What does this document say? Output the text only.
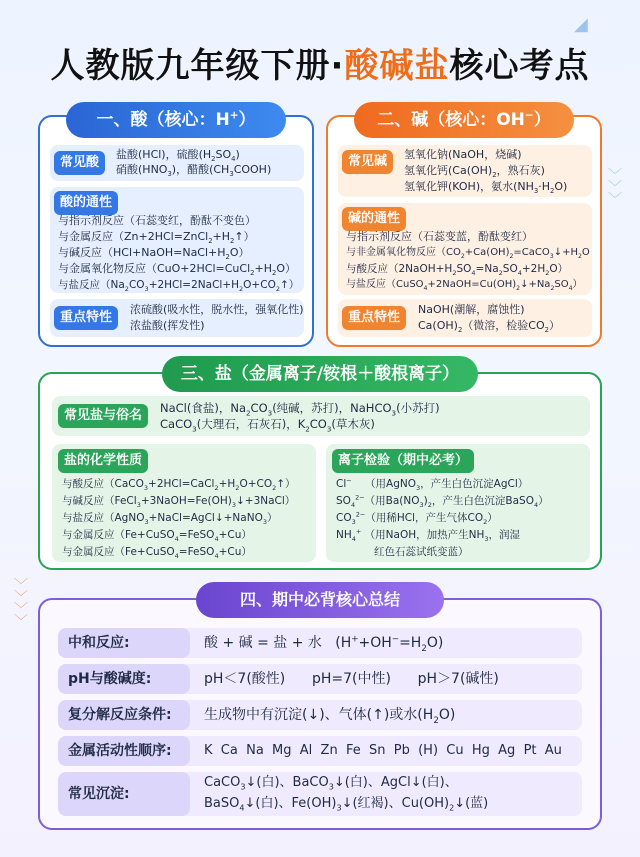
﹀
﹀
﹀
﹀
◢
﹀
﹀
﹀
人教版九年级下册·酸碱盐核心考点
常见酸
盐酸(HCl)，硫酸$(H_2SO_4)$
硝酸$(HNO_3)$，醋酸$(CH_3COOH)$
酸的通性
与指示剂反应（石蕊变红，酚酞不变色）
与金属反应$(Zn+2HCl=ZnCl_2+H_2↑)$
与碱反应$(HCl+NaOH=NaCl+H_2O)$
与金属氧化物反应$(CuO+2HCl=CuCl_2+H_2O)$
与盐反应$(Na_2CO_3+2HCl=2NaCl+H_2O+CO_2↑)$
重点特性
浓硫酸(吸水性，脱水性，强氧化性)
浓盐酸(挥发性)
一、酸（核心：H+）
常见碱	氢氧化钠(NaOH，烧碱)
氢氧化钙($Ca(OH)_2$，熟石灰)
氢氧化钾(KOH)，氨水$(NH_3\cdot H_2O)$
碱的通性
与指示剂反应（石蕊变蓝，酚酞变红）
与非金属氧化物反应（$CO_2+Ca(OH)_2=CaCO_3↓+H_2O$
与酸反应$(2NaOH+H_2SO_4=Na_2SO_4+2H_2O)$
与盐反应$(CuSO_4+2NaOH=Cu(OH)_2↓+Na_2SO_4)$
重点特性
NaOH(潮解，腐蚀性)
$Ca(OH)_2$（微溶，检验$CO_2$）
二、碱（核心：OH−）
常见盐与俗名	NaCl(食盐)，$Na_2CO_3$(纯碱，苏打)，NaHCO$_3$(小苏打)
CaCO$_3$(大理石，石灰石)，$K_2CO_3$(草木灰)
盐的化学性质
与酸反应$(CaCO_3+2HCl=CaCl_2+H_2O+CO_2↑)$
与碱反应$(FeCl_3+3NaOH=Fe(OH)_3↓+3NaCl)$
与盐反应（AgNO$_3$+NaCl=AgCl↓+NaNO$_3$）
与金属反应（Fe+CuSO$_4$=FeSO$_4$+Cu）
与金属反应（Fe+CuSO$_4$=FeSO$_4$+Cu）
离子检验（期中必考）
Cl−    （用AgNO$_3$，产生白色沉淀AgCl）
$SO_4^{2-}$（用$Ba(NO_3)_2$，产生白色沉淀BaSO$_4$）
$CO_3^{2-}$（用稀HCl，产生气体$CO_2$）
$NH_4^+$ （用NaOH，加热产生$NH_3$，润湿
红色石蕊试纸变蓝）
三、盐（金属离子/铵根＋酸根离子）
四、期中必背核心总结
中和反应:	酸 + 碱 = 盐 + 水   $(H^++OH^-=H_2O)$
pH与酸碱度:	pH＜7(酸性)      pH=7(中性)      pH＞7(碱性)
复分解反应条件:	生成物中有沉淀(↓)、气体(↑)或水$(H_2O)$
金属活动性顺序:	K  Ca  Na  Mg  Al  Zn  Fe  Sn  Pb  (H)  Cu  Hg  Ag  Pt  Au
常见沉淀:
CaCO$_3$↓(白)、BaCO$_3$↓(白)、AgCl↓(白)、
BaSO$_4$↓(白)、$Fe(OH)_3↓$(红褐)、$Cu(OH)_2↓$(蓝)
